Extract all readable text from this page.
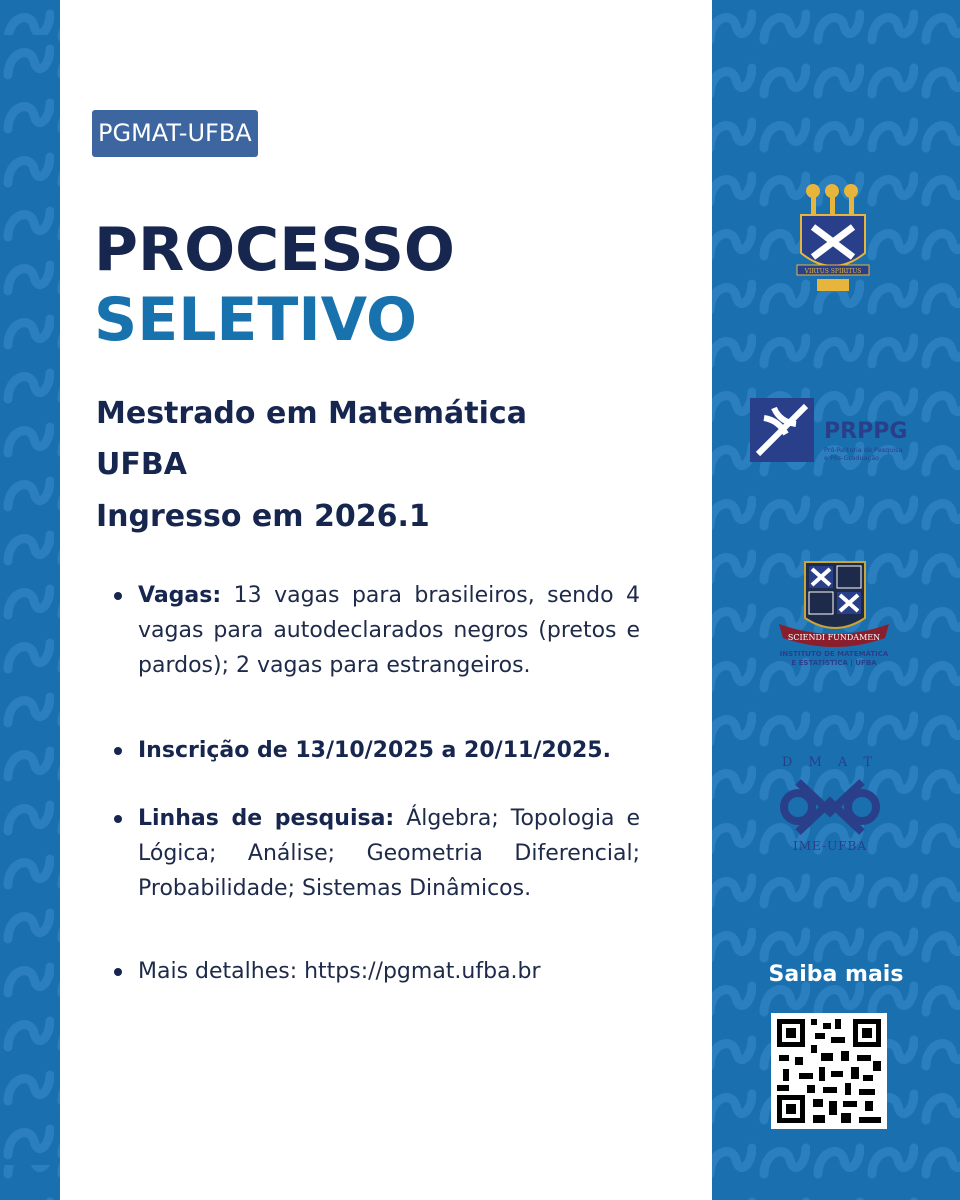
PGMAT-UFBA
PROCESSO
SELETIVO
Mestrado em Matemática
UFBA
Ingresso em 2026.1
Vagas: 13 vagas para brasileiros, sendo 4 vagas para autodeclarados negros (pretos e pardos); 2 vagas para estrangeiros.
Inscrição de 13/10/2025 a 20/11/2025.
Linhas de pesquisa: Álgebra; Topologia e Lógica; Análise; Geometria Diferencial; Probabilidade; Sistemas Dinâmicos.
Mais detalhes: https://pgmat.ufba.br
VIRTUS SPIRITUS
PRPPG
Pró-Reitoria de Pesquisa
e Pós-Graduação
SCIENDI FUNDAMEN
INSTITUTO DE MATEMÁTICA
E ESTATÍSTICA | UFBA
D M A T
IME-UFBA
Saiba mais
